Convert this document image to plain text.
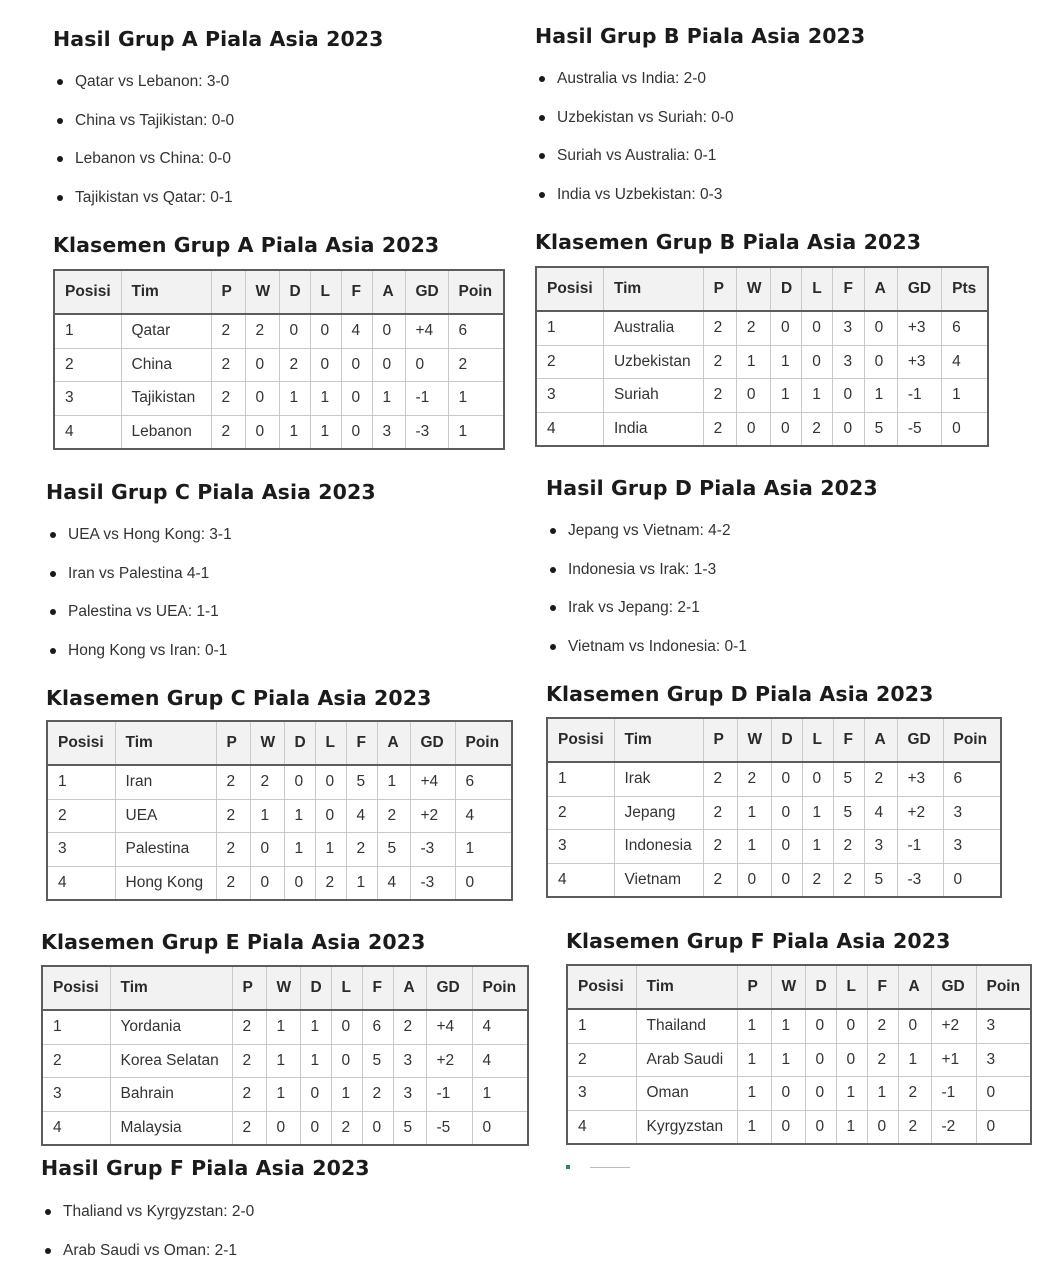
Hasil Grup A Piala Asia 2023
Qatar vs Lebanon: 3-0
China vs Tajikistan: 0-0
Lebanon vs China: 0-0
Tajikistan vs Qatar: 0-1
Klasemen Grup A Piala Asia 2023
Posisi	Tim	P	W	D	L	F	A	GD	Poin
1	Qatar	2	2	0	0	4	0	+4	6
2	China	2	0	2	0	0	0	0	2
3	Tajikistan	2	0	1	1	0	1	-1	1
4	Lebanon	2	0	1	1	0	3	-3	1
Hasil Grup B Piala Asia 2023
Australia vs India: 2-0
Uzbekistan vs Suriah: 0-0
Suriah vs Australia: 0-1
India vs Uzbekistan: 0-3
Klasemen Grup B Piala Asia 2023
Posisi	Tim	P	W	D	L	F	A	GD	Pts
1	Australia	2	2	0	0	3	0	+3	6
2	Uzbekistan	2	1	1	0	3	0	+3	4
3	Suriah	2	0	1	1	0	1	-1	1
4	India	2	0	0	2	0	5	-5	0
Hasil Grup C Piala Asia 2023
UEA vs Hong Kong: 3-1
Iran vs Palestina 4-1
Palestina vs UEA: 1-1
Hong Kong vs Iran: 0-1
Klasemen Grup C Piala Asia 2023
Posisi	Tim	P	W	D	L	F	A	GD	Poin
1	Iran	2	2	0	0	5	1	+4	6
2	UEA	2	1	1	0	4	2	+2	4
3	Palestina	2	0	1	1	2	5	-3	1
4	Hong Kong	2	0	0	2	1	4	-3	0
Hasil Grup D Piala Asia 2023
Jepang vs Vietnam: 4-2
Indonesia vs Irak: 1-3
Irak vs Jepang: 2-1
Vietnam vs Indonesia: 0-1
Klasemen Grup D Piala Asia 2023
Posisi	Tim	P	W	D	L	F	A	GD	Poin
1	Irak	2	2	0	0	5	2	+3	6
2	Jepang	2	1	0	1	5	4	+2	3
3	Indonesia	2	1	0	1	2	3	-1	3
4	Vietnam	2	0	0	2	2	5	-3	0
Klasemen Grup E Piala Asia 2023
Posisi	Tim	P	W	D	L	F	A	GD	Poin
1	Yordania	2	1	1	0	6	2	+4	4
2	Korea Selatan	2	1	1	0	5	3	+2	4
3	Bahrain	2	1	0	1	2	3	-1	1
4	Malaysia	2	0	0	2	0	5	-5	0
Klasemen Grup F Piala Asia 2023
Posisi	Tim	P	W	D	L	F	A	GD	Poin
1	Thailand	1	1	0	0	2	0	+2	3
2	Arab Saudi	1	1	0	0	2	1	+1	3
3	Oman	1	0	0	1	1	2	-1	0
4	Kyrgyzstan	1	0	0	1	0	2	-2	0
Hasil Grup F Piala Asia 2023
Thaliand vs Kyrgyzstan: 2-0
Arab Saudi vs Oman: 2-1
